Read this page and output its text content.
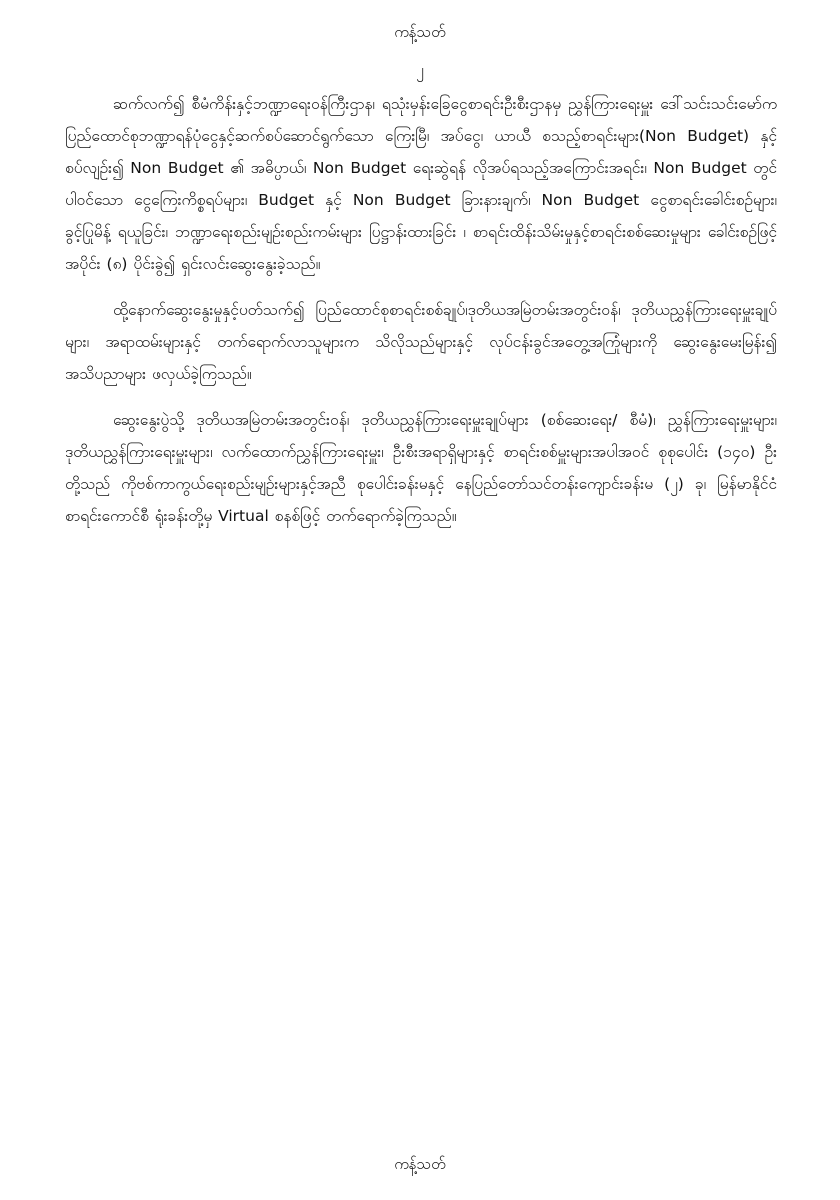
ကန့်သတ်
၂

ဆက်လက်၍ စီမံကိန်းနှင့်ဘဏ္ဍာရေးဝန်ကြီးဌာန၊ ရသုံးမှန်းခြေငွေစာရင်းဦးစီးဌာနမှ ညွှန်ကြားရေးမှူး ဒေါ်သင်းသင်းမော်က ပြည်ထောင်စုဘဏ္ဍာရန်ပုံငွေနှင့်ဆက်စပ်ဆောင်ရွက်သော ကြေးမြီ၊ အပ်ငွေ၊ ယာယီ စသည့်စာရင်းများ(Non Budget) နှင့်စပ်လျဉ်း၍ Non Budget ၏ အဓိပ္ပာယ်၊ Non Budget ရေးဆွဲရန် လိုအပ်ရသည့်အကြောင်းအရင်း၊ Non Budget တွင်ပါဝင်သော ငွေကြေးကိစ္စရပ်များ၊ Budget နှင့် Non Budget ခြားနားချက်၊ Non Budget ငွေစာရင်းခေါင်းစဉ်များ၊ ခွင့်ပြုမိန့် ရယူခြင်း၊ ဘဏ္ဍာရေးစည်းမျဉ်းစည်းကမ်းများ ပြဋ္ဌာန်းထားခြင်း ၊ စာရင်းထိန်းသိမ်းမှုနှင့်စာရင်းစစ်ဆေးမှုများ ခေါင်းစဉ်ဖြင့် အပိုင်း (၈) ပိုင်းခွဲ၍ ရှင်းလင်းဆွေးနွေးခဲ့သည်။

ထို့နောက်ဆွေးနွေးမှုနှင့်ပတ်သက်၍ ပြည်ထောင်စုစာရင်းစစ်ချုပ်၊ဒုတိယအမြဲတမ်းအတွင်းဝန်၊ ဒုတိယညွှန်ကြားရေးမှူးချုပ်များ၊ အရာထမ်းများနှင့် တက်ရောက်လာသူများက သိလိုသည်များနှင့် လုပ်ငန်းခွင်အတွေ့အကြုံများကို ဆွေးနွေးမေးမြန်း၍ အသိပညာများ ဖလှယ်ခဲ့ကြသည်။

ဆွေးနွေးပွဲသို့ ဒုတိယအမြဲတမ်းအတွင်းဝန်၊ ဒုတိယညွှန်ကြားရေးမှူးချုပ်များ (စစ်ဆေးရေး/ စီမံ)၊ ညွှန်ကြားရေးမှူးများ၊ ဒုတိယညွှန်ကြားရေးမှူးများ၊ လက်ထောက်ညွှန်ကြားရေးမှူး၊ ဦးစီးအရာရှိများနှင့် စာရင်းစစ်မှူးများအပါအဝင် စုစုပေါင်း (၁၄၀) ဦးတို့သည် ကိုဗစ်ကာကွယ်ရေးစည်းမျဉ်းများနှင့်အညီ စုပေါင်းခန်းမနှင့် နေပြည်တော်သင်တန်းကျောင်းခန်းမ (၂) ခု၊ မြန်မာနိုင်ငံစာရင်းကောင်စီ ရုံးခန်းတို့မှ Virtual စနစ်ဖြင့် တက်ရောက်ခဲ့ကြသည်။

ကန့်သတ်
